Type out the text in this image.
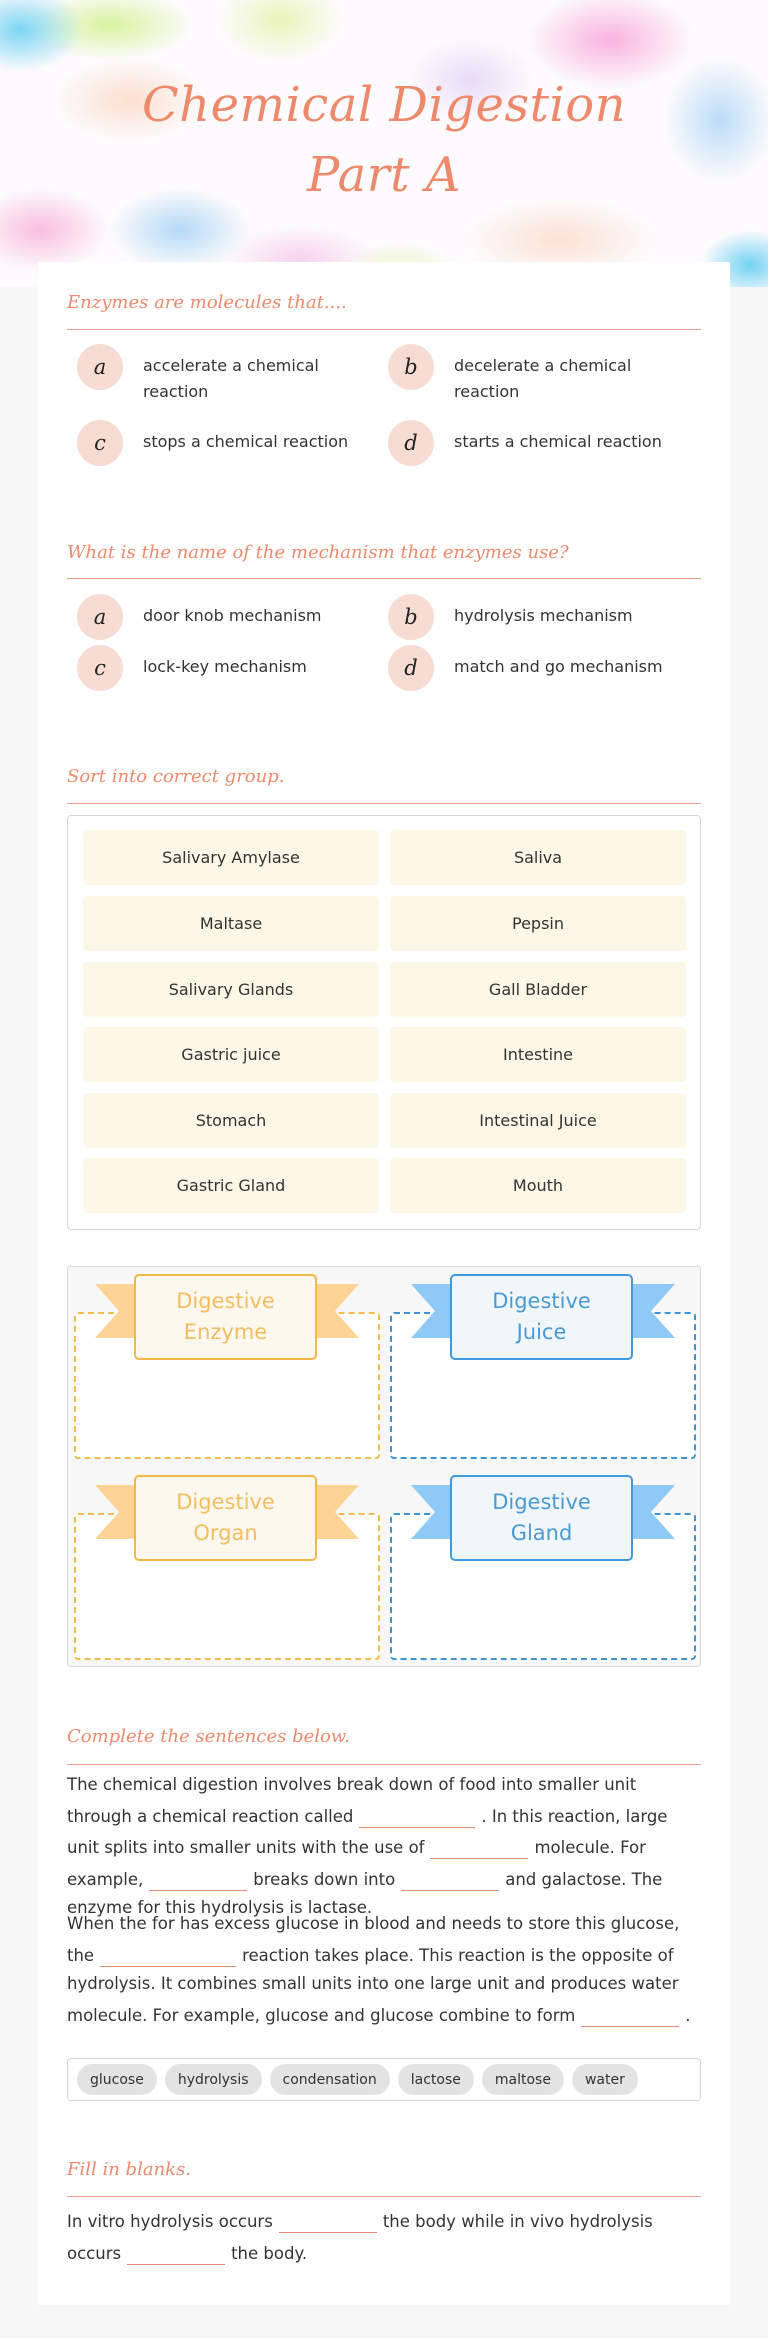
Chemical Digestion
Part A
Enzymes are molecules that....
a	accelerate a chemical reaction
b	decelerate a chemical reaction
c	stops a chemical reaction	d	starts a chemical reaction
What is the name of the mechanism that enzymes use?
a	door knob mechanism	b	hydrolysis mechanism
c	lock-key mechanism	d	match and go mechanism
Sort into correct group.
Salivary Amylase	Saliva
Maltase	Pepsin
Salivary Glands	Gall Bladder
Gastric juice	Intestine
Stomach	Intestinal Juice
Gastric Gland	Mouth
Digestive
Enzyme
Digestive
Juice
Digestive
Organ
Digestive
Gland
Complete the sentences below.
The chemical digestion involves break down of food into smaller unit through a chemical reaction called	. In this reaction, large unit splits into smaller units with the use of	molecule. For example,	breaks down into	and galactose. The enzyme for this hydrolysis is lactase.
When the for has excess glucose in blood and needs to store this glucose, the	reaction takes place. This reaction is the opposite of hydrolysis. It combines small units into one large unit and produces water molecule. For example, glucose and glucose combine to form	.
glucose	hydrolysis	condensation	lactose	maltose	water
Fill in blanks.
In vitro hydrolysis occurs	the body while in vivo hydrolysis occurs	the body.
